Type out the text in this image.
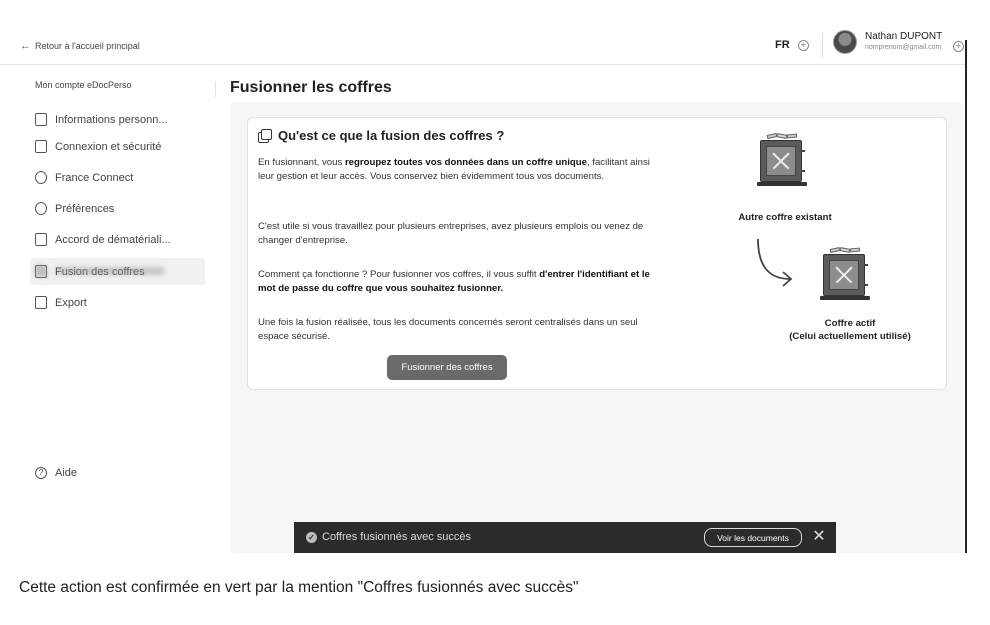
← Retour à l'accueil principal	FR	+
Nathan DUPONT
nomprenom@gmail.com	+
Mon compte eDocPerso
Informations personn...
Connexion et sécurité
France Connect
Préférences
Accord de dématériali...
Export
?	Aide
Fusionner les coffres
Qu'est ce que la fusion des coffres ?
En fusionnant, vous regroupez toutes vos données dans un coffre unique, facilitant ainsi leur gestion et leur accès. Vous conservez bien évidemment tous vos documents.
C'est utile si vous travaillez pour plusieurs entreprises, avez plusieurs emplois ou venez de changer d'entreprise.
Comment ça fonctionne ? Pour fusionner vos coffres, il vous suffit d'entrer l'identifiant et le mot de passe du coffre que vous souhaitez fusionner.
Une fois la fusion réalisée, tous les documents concernés seront centralisés dans un seul espace sécurisé.
Fusionner des coffres
Autre coffre existant
Coffre actif
(Celui actuellement utilisé)
✓ Coffres fusionnés avec succès	Voir les documents	✕
Cette action est confirmée en vert par la mention "Coffres fusionnés avec succès"
